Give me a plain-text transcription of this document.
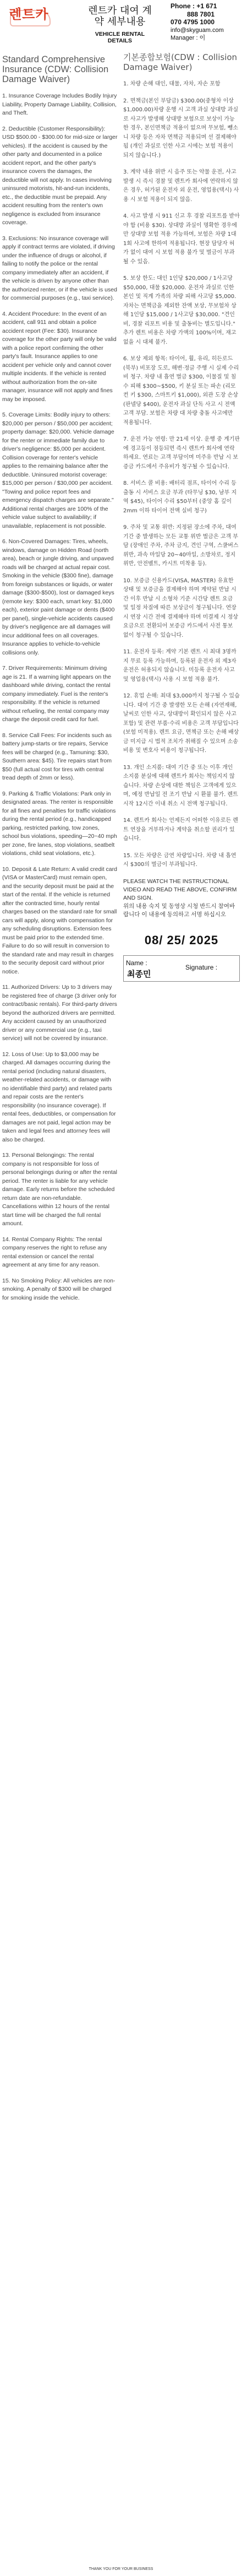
렌트카	렌트카 대여 계
약 세부내용
VEHICLE RENTAL
DETAILS
Phone : +1 671
888 7801
070 4795 1000
info@skyguam.com
Manager : 이
Standard Comprehensive Insurance (CDW: Collision Damage Waiver)
1. Insurance Coverage Includes Bodily Injury Liability, Property Damage Liability, Collision, and Theft.
2. Deductible (Customer Responsibility): USD $500.00 - $300.00 for mid-size or larger vehicles). If the accident is caused by the other party and documented in a police accident report, and the other party's insurance covers the damages, the deductible will not apply. In cases involving uninsured motorists, hit-and-run incidents, etc., the deductible must be prepaid. Any accident resulting from the renter's own negligence is excluded from insurance coverage.
3. Exclusions: No insurance coverage will apply if contract terms are violated, if driving under the influence of drugs or alcohol, if failing to notify the police or the rental company immediately after an accident, if the vehicle is driven by anyone other than the authorized renter, or if the vehicle is used for commercial purposes (e.g., taxi service).
4. Accident Procedure: In the event of an accident, call 911 and obtain a police accident report (Fee: $30). Insurance coverage for the other party will only be valid with a police report confirming the other party's fault. Insurance applies to one accident per vehicle only and cannot cover multiple incidents. If the vehicle is rented without authorization from the on-site manager, insurance will not apply and fines may be imposed.
5. Coverage Limits: Bodily injury to others: $20,000 per person / $50,000 per accident; property damage: $20,000. Vehicle damage for the renter or immediate family due to driver's negligence: $5,000 per accident. Collision coverage for renter's vehicle applies to the remaining balance after the deductible. Uninsured motorist coverage: $15,000 per person / $30,000 per accident. "Towing and police report fees and emergency dispatch charges are separate." Additional rental charges are 100% of the vehicle value subject to availability; if unavailable, replacement is not possible.
6. Non-Covered Damages: Tires, wheels, windows, damage on Hidden Road (north area), beach or jungle driving, and unpaved roads will be charged at actual repair cost. Smoking in the vehicle ($300 fine), damage from foreign substances or liquids, or water damage ($300-$500), lost or damaged keys (remote key: $300 each, smart key: $1,000 each), exterior paint damage or dents ($400 per panel), single-vehicle accidents caused by driver's negligence are all damages will incur additional fees on all coverages. Insurance applies to vehicle-to-vehicle collisions only.
7. Driver Requirements: Minimum driving age is 21. If a warning light appears on the dashboard while driving, contact the rental company immediately. Fuel is the renter's responsibility. If the vehicle is returned without refueling, the rental company may charge the deposit credit card for fuel.
8. Service Call Fees: For incidents such as battery jump-starts or tire repairs, Service fees will be charged (e.g., Tamuning: $30, Southern area: $45). Tire repairs start from $50 (full actual cost for tires with central tread depth of 2mm or less).
9. Parking & Traffic Violations: Park only in designated areas. The renter is responsible for all fines and penalties for traffic violations during the rental period (e.g., handicapped parking, restricted parking, tow zones, school bus violations, speeding—20~40 mph per zone, fire lanes, stop violations, seatbelt violations, child seat violations, etc.).
10. Deposit & Late Return: A valid credit card (VISA or MasterCard) must remain open, and the security deposit must be paid at the start of the rental. If the vehicle is returned after the contracted time, hourly rental charges based on the standard rate for small cars will apply, along with compensation for any scheduling disruptions. Extension fees must be paid prior to the extended time. Failure to do so will result in conversion to the standard rate and may result in charges to the security deposit card without prior notice.
11. Authorized Drivers: Up to 3 drivers may be registered free of charge (3 driver only for contract/basic rentals). For third-party drivers beyond the authorized drivers are permitted. Any accident caused by an unauthorized driver or any commercial use (e.g., taxi service) will not be covered by insurance.
12. Loss of Use: Up to $3,000 may be charged. All damages occurring during the rental period (including natural disasters, weather-related accidents, or damage with no identifiable third party) and related parts and repair costs are the renter's responsibility (no insurance coverage). If rental fees, deductibles, or compensation for damages are not paid, legal action may be taken and legal fees and attorney fees will also be charged.
13. Personal Belongings: The rental company is not responsible for loss of personal belongings during or after the rental period. The renter is liable for any vehicle damage. Early returns before the scheduled return date are non-refundable. Cancellations within 12 hours of the rental start time will be charged the full rental amount.
14. Rental Company Rights: The rental company reserves the right to refuse any rental extension or cancel the rental agreement at any time for any reason.
15. No Smoking Policy: All vehicles are non-smoking. A penalty of $300 will be charged for smoking inside the vehicle.
기본종합보험(CDW : Collision Damage Waiver)
1. 차량 손해 대인, 대물, 자차, 자손 포함
2. 면책금(본인 부담금) $300.00(중형차 이상 $1,000.00)차량 운행 시 고객 과실 상대방 과실로 사고가 발생해 상대방 보험으로 보상이 가능한 경우, 본인면책금 적용이 없으며 무보험, 뺑소니 차량 등은 자차 면책금 적용되며 선 결제해야 됨 (개인 과실로 인한 사고 시에는 보험 적용이 되지 않습니다.)
3. 계약 내용 위반 시 음주 또는 약물 운전, 사고 발생 시 즉시 경찰 및 렌트카 회사에 연락하지 않은 경우, 허가된 운전자 외 운전, 영업용(택시) 사용 시 보험 적용이 되지 않음.
4. 사고 발생 시 911 신고 후 경찰 리포트를 받아야 함 (비용 $30). 상대방 과실이 명확한 경우에만 상대방 보험 적용 가능하며, 보험은 차량 1대 1회 사고에 한하여 적용됩니다. 현장 담당자 허가 없이 대여 시 보험 적용 불가 및 벌금이 부과될 수 있음.
5. 보상 한도: 대인 1인당 $20,000 / 1사고당 $50,000, 대물 $20,000. 운전자 과실로 인한 본인 및 직계 가족의 차량 피해 사고당 $5,000. 자차는 면책금을 제외한 잔액 보상, 무보험차 상해 1인당 $15,000 / 1사고당 $30,000. "견인비, 경찰 리포트 비용 및 출동비는 별도입니다." 추가 렌트 비용은 차량 가액의 100%이며, 재고 없을 시 대체 불가.
6. 보상 제외 항목: 타이어, 휠, 유리, 히든로드(북부) 비포장 도로, 해변·정글 주행 시 실제 수리비 청구. 차량 내 흡연 벌금 $300, 이물질 및 침수 피해 $300~$500, 키 분실 또는 파손 (리모컨 키 $300, 스마트키 $1,000), 외관 도장 손상 (판넬당 $400), 운전자 과실 단독 사고 시 전액 고객 부담. 보험은 차량 대 차량 충돌 사고에만 적용됩니다.
7. 운전 가능 연령: 만 21세 이상. 운행 중 계기판에 경고등이 점등되면 즉시 렌트카 회사에 연락하세요. 연료는 고객 부담이며 미주유 반납 시 보증금 카드에서 주유비가 청구될 수 있습니다.
8. 서비스 콜 비용: 배터리 점프, 타이어 수리 등 출동 시 서비스 요금 부과 (타무닝 $30, 남부 지역 $45), 타이어 수리 $50부터 (중앙 홈 깊이 2mm 이하 타이어 전액 실비 청구)
9. 주차 및 교통 위반: 지정된 장소에 주차, 대여 기간 중 발생하는 모든 교통 위반 벌금은 고객 부담 (장애인 주차, 주차 금지, 견인 구역, 스쿨버스 위반, 과속 마일당 20~40마일, 소방차로, 정지 위반, 안전벨트, 카시트 미착용 등).
10. 보증금 신용카드(VISA, MASTER) 유효한 상태 및 보증금을 결제해야 하며 계약된 반납 시간 이후 반납 시 소형차 기준 시간당 렌트 요금 및 일정 차질에 따른 보상금이 청구됩니다. 연장 시 연장 시간 전에 결제해야 하며 미결제 시 정상 요금으로 전환되어 보증금 카드에서 사전 통보 없이 청구될 수 있습니다.
11. 운전자 등록: 계약 기본 렌트 시 최대 3명까지 무료 등록 가능하며, 등록된 운전자 외 제3자 운전은 허용되지 않습니다. 미등록 운전자 사고 및 영업용(택시) 사용 시 보험 적용 불가.
12. 휴업 손해: 최대 $3,000까지 청구될 수 있습니다. 대여 기간 중 발생한 모든 손해 (자연재해, 날씨로 인한 사고, 상대방이 확인되지 않은 사고 포함) 및 관련 부품·수리 비용은 고객 부담입니다 (보험 미적용). 렌트 요금, 면책금 또는 손해 배상금 미지급 시 법적 조치가 취해질 수 있으며 소송 비용 및 변호사 비용이 청구됩니다.
13. 개인 소지품: 대여 기간 중 또는 이후 개인 소지품 분실에 대해 렌트카 회사는 책임지지 않습니다. 차량 손상에 대한 책임은 고객에게 있으며, 예정 반납일 전 조기 반납 시 환불 불가. 렌트 시작 12시간 이내 취소 시 전액 청구됩니다.
14. 렌트카 회사는 언제든지 어떠한 이유로든 렌트 연장을 거부하거나 계약을 취소할 권리가 있습니다.
15. 모든 차량은 금연 차량입니다. 차량 내 흡연 시 $300의 벌금이 부과됩니다.
PLEASE WATCH THE INSTRUCTIONAL VIDEO AND READ THE ABOVE, CONFIRM AND SIGN.
위의 내용 숙지 및 동영상 시청 반드시 참여바랍니다 이 내용에 동의하고 서명 하십시오
08/ 25/ 2025
Name :
최종민
Signature :
THANK YOU FOR YOUR BUSINESS
